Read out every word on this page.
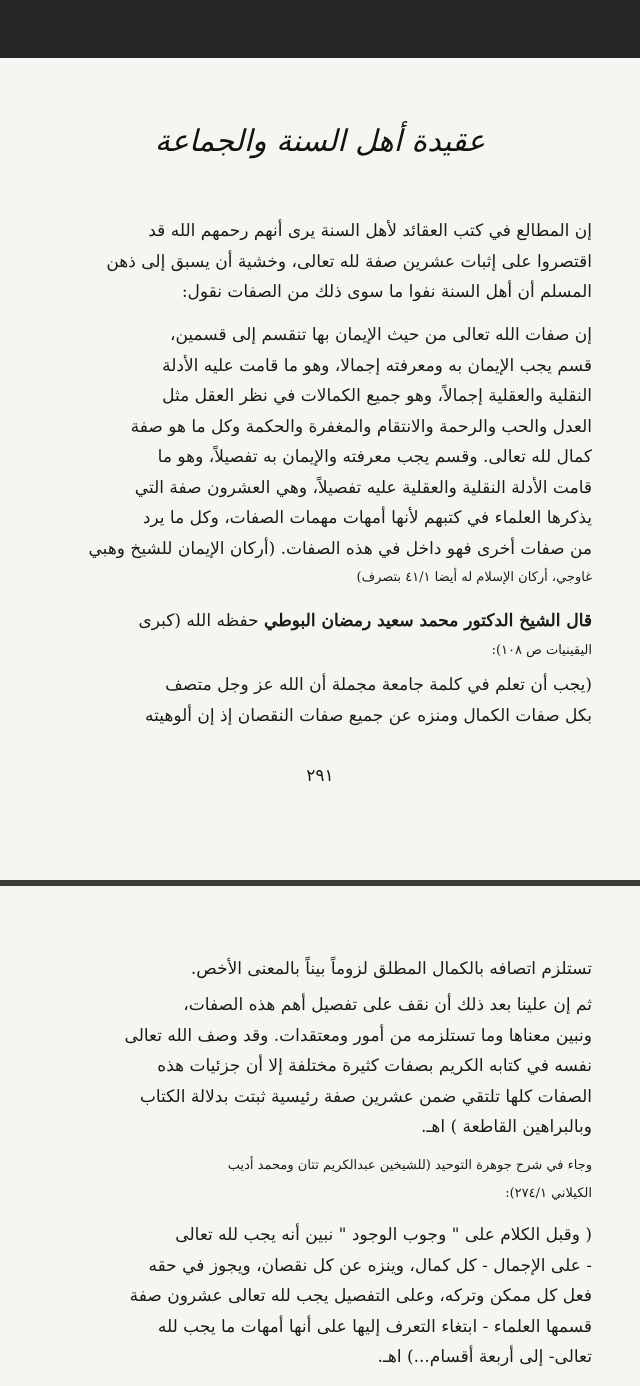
عقيدة أهل السنة والجماعة
إن المطالع في كتب العقائد لأهل السنة يرى أنهم رحمهم الله قد
اقتصروا على إثبات عشرين صفة لله تعالى، وخشية أن يسبق إلى ذهن
المسلم أن أهل السنة نفوا ما سوى ذلك من الصفات نقول:
إن صفات الله تعالى من حيث الإيمان بها تنقسم إلى قسمين،
قسم يجب الإيمان به ومعرفته إجمالا، وهو ما قامت عليه الأدلة
النقلية والعقلية إجمالاً، وهو جميع الكمالات في نظر العقل مثل
العدل والحب والرحمة والانتقام والمغفرة والحكمة وكل ما هو صفة
كمال لله تعالى. وقسم يجب معرفته والإيمان به تفصيلاً، وهو ما
قامت الأدلة النقلية والعقلية عليه تفصيلاً، وهي العشرون صفة التي
يذكرها العلماء في كتبهم لأنها أمهات مهمات الصفات، وكل ما يرد
من صفات أخرى فهو داخل في هذه الصفات. (أركان الإيمان للشيخ وهبي
غاوجي، أركان الإسلام له أيضا ٤١/١ بتصرف)
قال الشيخ الدكتور محمد سعيد رمضان البوطي حفظه الله (كبرى
اليقينيات ص ١٠٨):
(يجب أن تعلم في كلمة جامعة مجملة أن الله عز وجل متصف
بكل صفات الكمال ومنزه عن جميع صفات النقصان إذ إن ألوهيته
٢٩١
تستلزم اتصافه بالكمال المطلق لزوماً بيناً بالمعنى الأخص.
ثم إن علينا بعد ذلك أن نقف على تفصيل أهم هذه الصفات،
ونبين معناها وما تستلزمه من أمور ومعتقدات. وقد وصف الله تعالى
نفسه في كتابه الكريم بصفات كثيرة مختلفة إلا أن جزئيات هذه
الصفات كلها تلتقي ضمن عشرين صفة رئيسية ثبتت بدلالة الكتاب
وبالبراهين القاطعة ) اهـ.
وجاء في شرح جوهرة التوحيد (للشيخين عبدالكريم تتان ومحمد أديب
الكيلاني ٢٧٤/١):
( وقبل الكلام على " وجوب الوجود " نبين أنه يجب لله تعالى
- على الإجمال - كل كمال، وينزه عن كل نقصان، ويجوز في حقه
فعل كل ممكن وتركه، وعلى التفصيل يجب لله تعالى عشرون صفة
قسمها العلماء - ابتغاء التعرف إليها على أنها أمهات ما يجب لله
تعالى- إلى أربعة أقسام...) اهـ.
